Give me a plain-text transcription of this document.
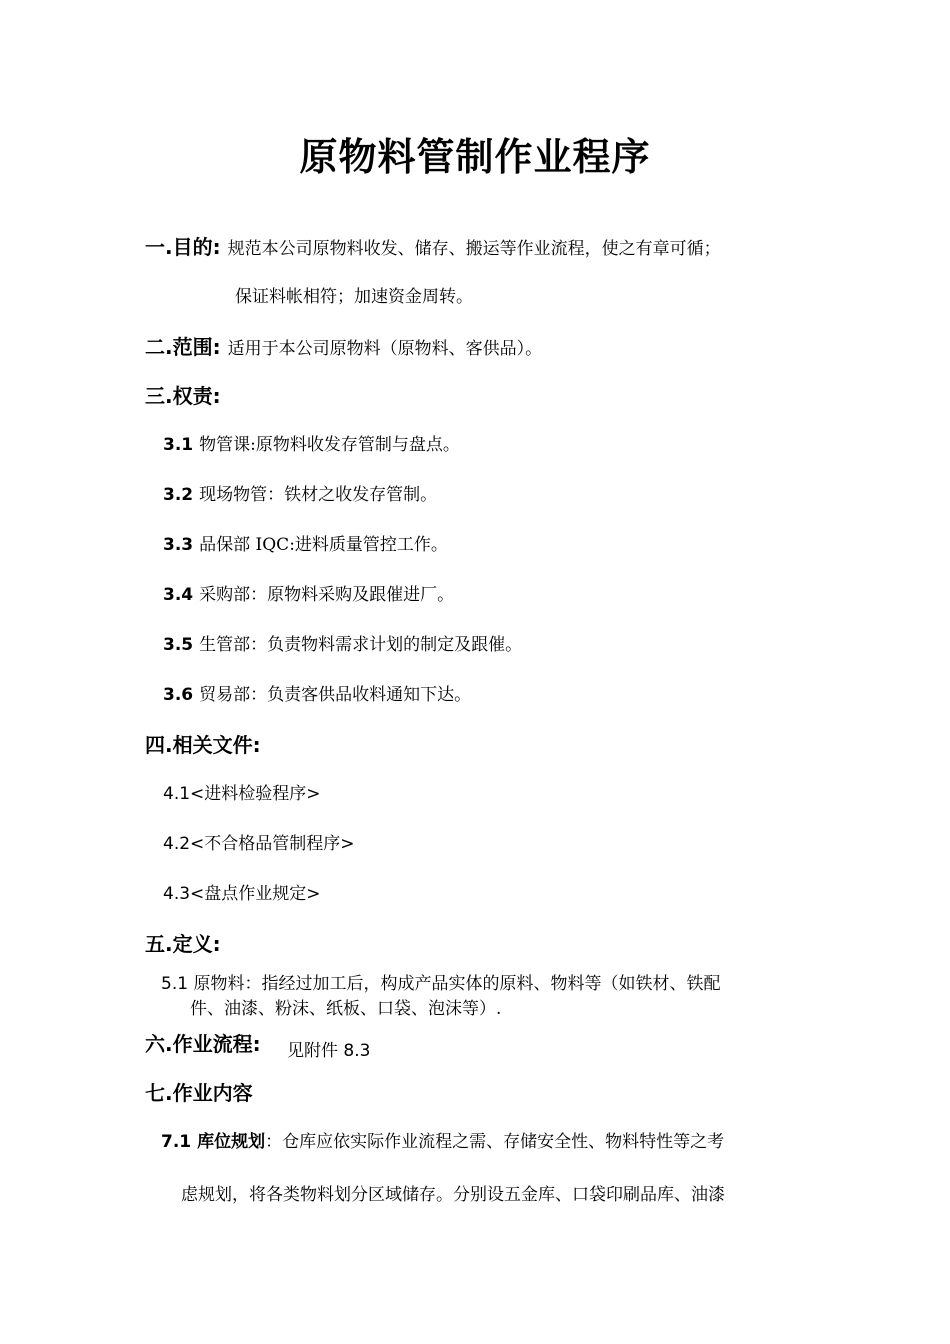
原物料管制作业程序
一.目的: 规范本公司原物料收发、储存、搬运等作业流程，使之有章可循；
保证料帐相符；加速资金周转。
二.范围: 适用于本公司原物料（原物料、客供品）。
三.权责:
3.1 物管课:原物料收发存管制与盘点。
3.2 现场物管：铁材之收发存管制。
3.3 品保部 IQC:进料质量管控工作。
3.4 采购部：原物料采购及跟催进厂。
3.5 生管部：负责物料需求计划的制定及跟催。
3.6 贸易部：负责客供品收料通知下达。
四.相关文件:
4.1<进料检验程序>
4.2<不合格品管制程序>
4.3<盘点作业规定>
五.定义:
5.1 原物料：指经过加工后，构成产品实体的原料、物料等（如铁材、铁配
件、油漆、粉沫、纸板、口袋、泡沫等）.
六.作业流程: 见附件 8.3
七.作业内容
7.1 库位规划：仓库应依实际作业流程之需、存储安全性、物料特性等之考
虑规划，将各类物料划分区域储存。分别设五金库、口袋印刷品库、油漆
